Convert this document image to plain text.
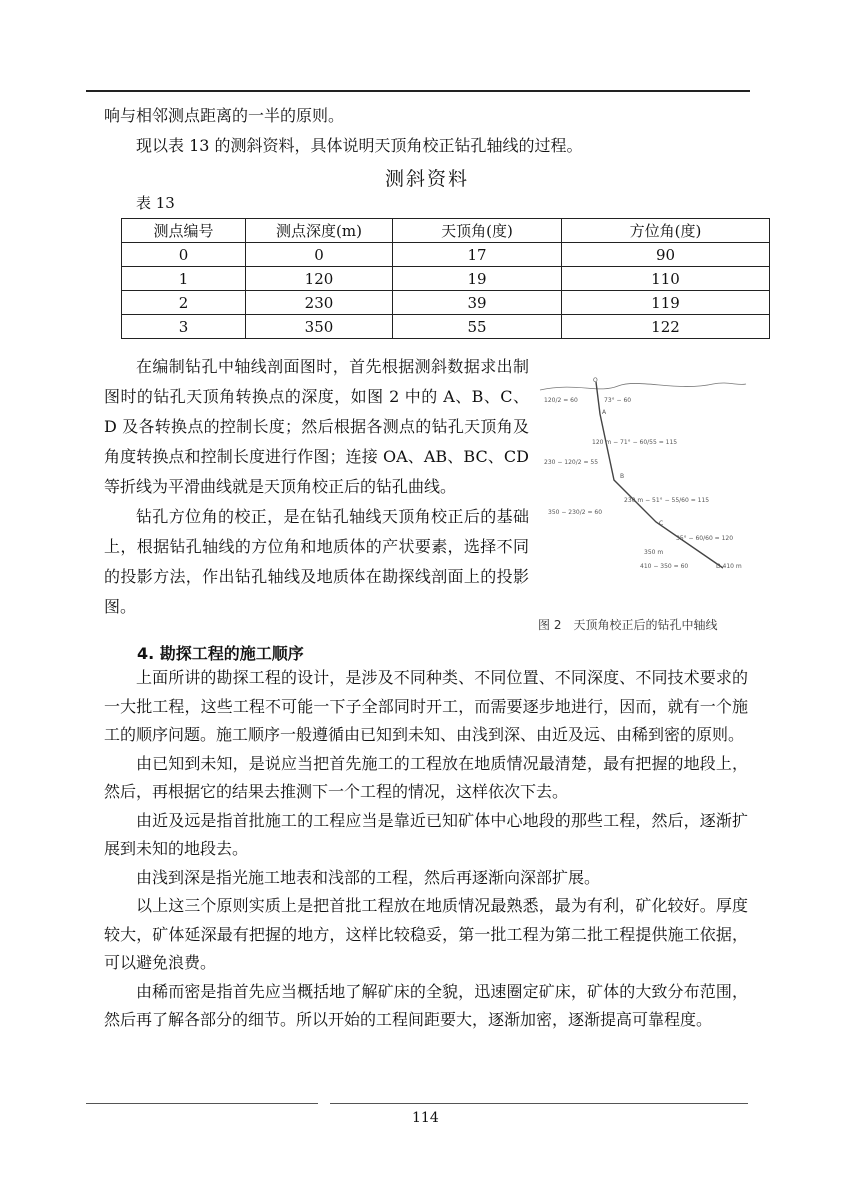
响与相邻测点距离的一半的原则。
现以表 13 的测斜资料，具体说明天顶角校正钻孔轴线的过程。
测斜资料
表 13
测点编号	测点深度(m)	天顶角(度)	方位角(度)
0	0	17	90
1	120	19	110
2	230	39	119
3	350	55	122

在编制钻孔中轴线剖面图时，首先根据测斜数据求出制图时的钻孔天顶角转换点的深度，如图 2 中的 A、B、C、D 及各转换点的控制长度；然后根据各测点的钻孔天顶角及角度转换点和控制长度进行作图；连接 OA、AB、BC、CD 等折线为平滑曲线就是天顶角校正后的钻孔曲线。

钻孔方位角的校正，是在钻孔轴线天顶角校正后的基础上，根据钻孔轴线的方位角和地质体的产状要素，选择不同的投影方法，作出钻孔轴线及地质体在勘探线剖面上的投影图。

O
A
B
C
120/2 = 60	73° − 60
120 m − 71° − 60/55 = 115
230 − 120/2 = 55
230 m − 51° − 55/60 = 115
350 − 230/2 = 60
35° − 60/60 = 120
350 m
410 − 350 = 60	D 410 m
图 2　天顶角校正后的钻孔中轴线
4. 勘探工程的施工顺序

上面所讲的勘探工程的设计，是涉及不同种类、不同位置、不同深度、不同技术要求的一大批工程，这些工程不可能一下子全部同时开工，而需要逐步地进行，因而，就有一个施工的顺序问题。施工顺序一般遵循由已知到未知、由浅到深、由近及远、由稀到密的原则。

由已知到未知，是说应当把首先施工的工程放在地质情况最清楚，最有把握的地段上，然后，再根据它的结果去推测下一个工程的情况，这样依次下去。

由近及远是指首批施工的工程应当是靠近已知矿体中心地段的那些工程，然后，逐渐扩展到未知的地段去。

由浅到深是指光施工地表和浅部的工程，然后再逐渐向深部扩展。

以上这三个原则实质上是把首批工程放在地质情况最熟悉，最为有利，矿化较好。厚度较大，矿体延深最有把握的地方，这样比较稳妥，第一批工程为第二批工程提供施工依据，可以避免浪费。

由稀而密是指首先应当概括地了解矿床的全貌，迅速圈定矿床，矿体的大致分布范围，然后再了解各部分的细节。所以开始的工程间距要大，逐渐加密，逐渐提高可靠程度。

114
